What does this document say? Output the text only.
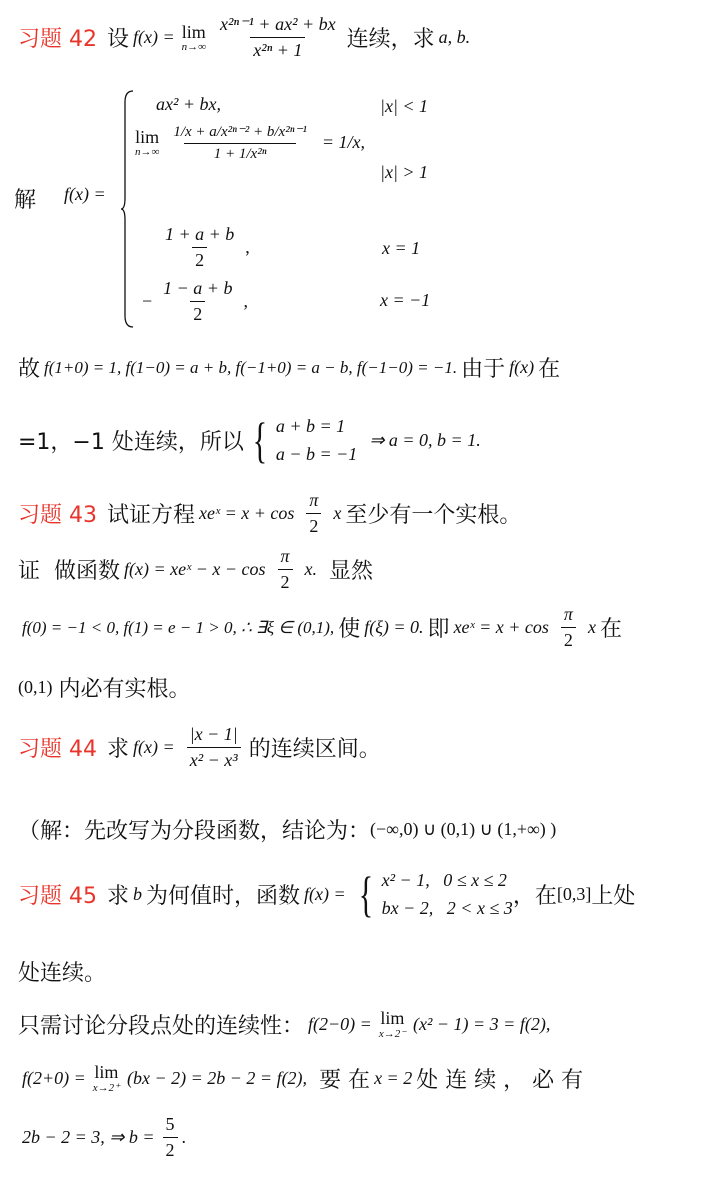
习题 42 设 f(x) = lim
$n\to\infty \frac{\text{x²ⁿ⁻¹ + ax² + bx}}{\text{x²ⁿ + 1}}$ 连续，求 a, b.
解 f(x) =
ax² + bx,	|x| < 1
lim
$n\to\infty \frac{\text{1/x + a/x²ⁿ⁻² + b/x²ⁿ⁻¹}}{\text{1 + 1/x²ⁿ}} = 1/x$,
|x| > 1
$\frac{1 + a + b}{2}$ ,	x = 1
− $\frac{1 - a + b}{2}$ ,	x = −1
故 f(1+0) = 1, f(1−0) = a + b, f(−1+0) = a − b, f(−1−0) = −1. 由于 f(x) 在
=1，−1 处连续，所以 { a + b = 1
a − b = −1
⇒ a = 0, b = 1.
习题 43 试证方程 xeˣ = $x + \cos \frac{\pi}{2}$ x 至少有一个实根。
证 做函数 f(x) = xeˣ − $x - \cos \frac{\pi}{2} x$. 显然
f(0) = −1 < 0, f(1) = e − 1 > 0, ∴ ∃ξ ∈ (0,1), 使 f(ξ) = 0. 即 xeˣ = $x + \cos \frac{\pi}{2}$ x 在
(0,1) 内必有实根。
习题 44 求 $f(x) = \frac{|x - 1|}{\text{x² − x³}}$ 的连续区间。
（解：先改写为分段函数，结论为： (−∞,0) ∪ (0,1) ∪ (1,+∞) )
习题 45 求 b 为何值时，函数 f(x) = { x² − 1,   0 ≤ x ≤ 2
bx − 2,   2 < x ≤ 3 ，在 [0,3] 上处
处连续。
只需讨论分段点处的连续性： f(2−0) = lim
x→2⁻
(x² − 1) = 3 = f(2),
f(2+0) = lim
x→2⁺
(bx − 2) = 2b − 2 = f(2), 要 在 x = 2 处 连 续 ， 必 有
2b − 2 = 3, ⇒ $b = \frac{5}{2}$ .
